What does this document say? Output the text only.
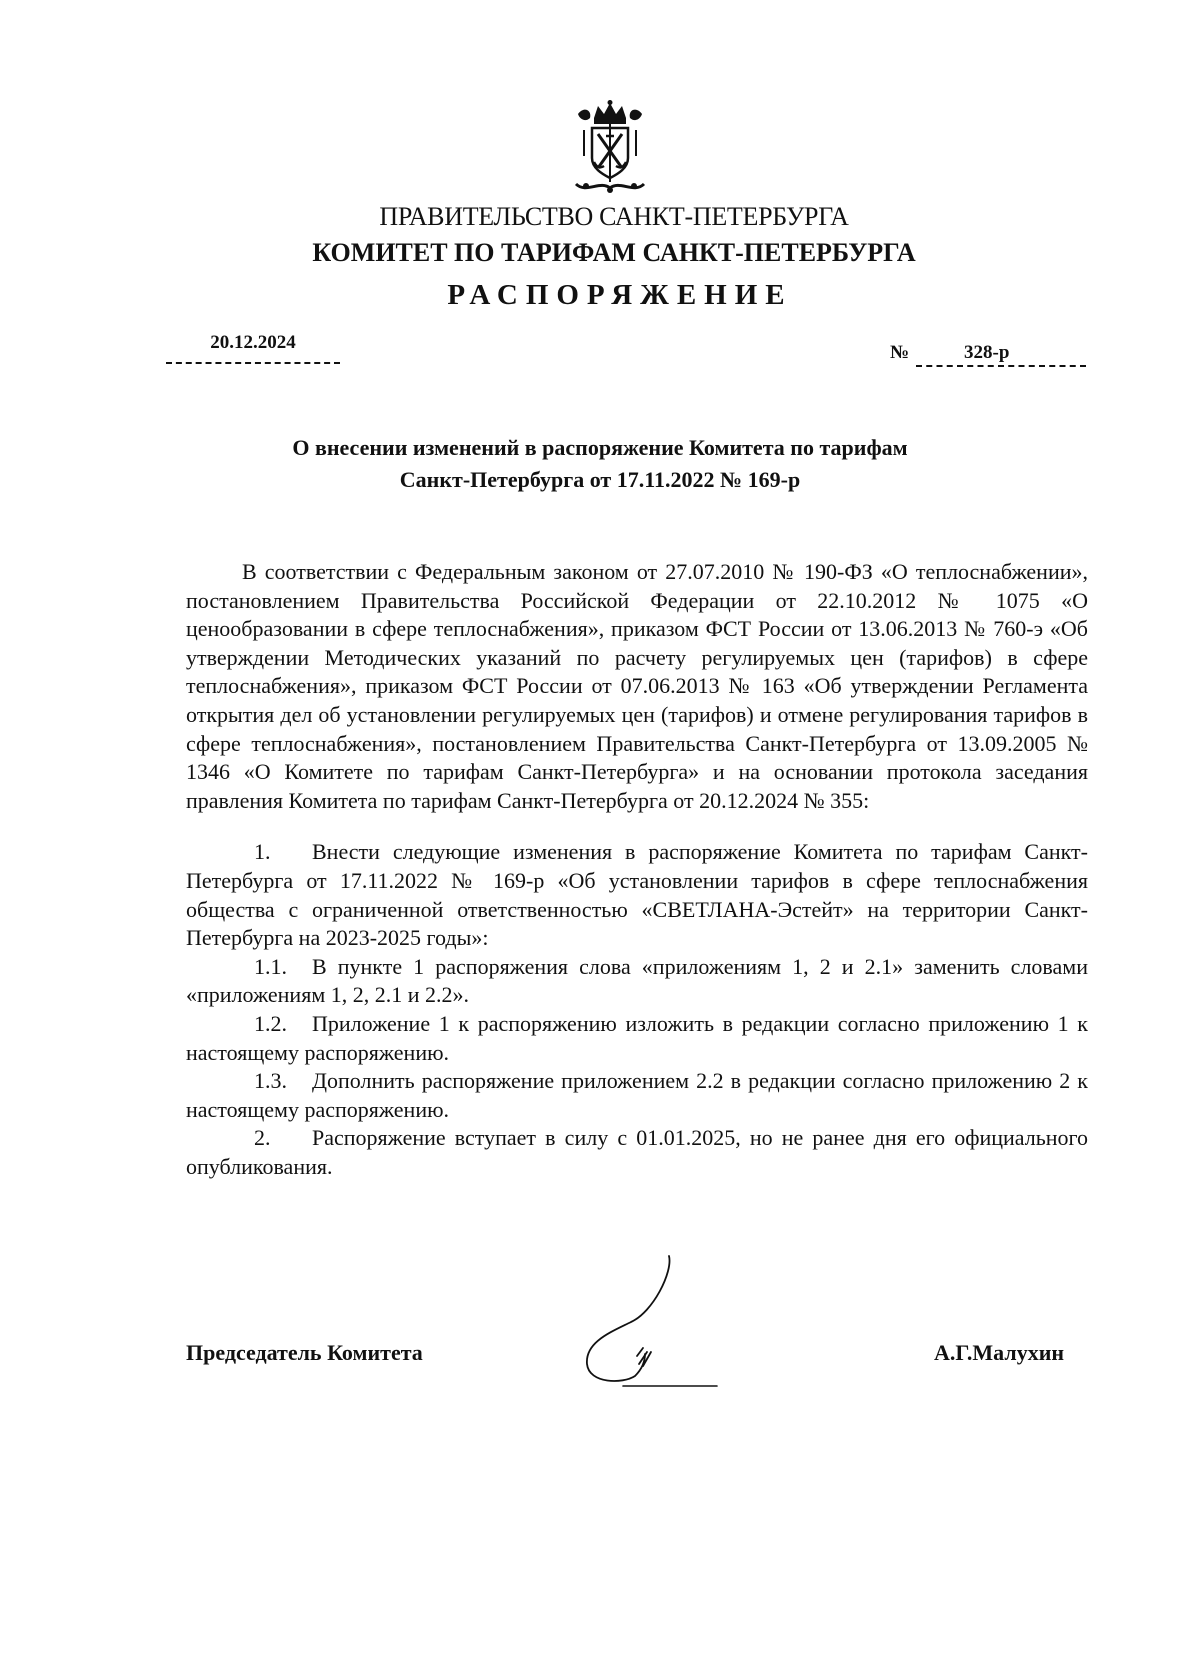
ПРАВИТЕЛЬСТВО САНКТ-ПЕТЕРБУРГА
КОМИТЕТ ПО ТАРИФАМ САНКТ-ПЕТЕРБУРГА
РАСПОРЯЖЕНИЕ
20.12.2024	№	328-р
О внесении изменений в распоряжение Комитета по тарифам
Санкт-Петербурга от 17.11.2022 № 169-р

В соответствии с Федеральным законом от 27.07.2010 № 190-ФЗ «О теплоснабжении», постановлением Правительства Российской Федерации от 22.10.2012 № 1075 «О ценообразовании в сфере теплоснабжения», приказом ФСТ России от 13.06.2013 № 760-э «Об утверждении Методических указаний по расчету регулируемых цен (тарифов) в сфере теплоснабжения», приказом ФСТ России от 07.06.2013 № 163 «Об утверждении Регламента открытия дел об установлении регулируемых цен (тарифов) и отмене регулирования тарифов в сфере теплоснабжения», постановлением Правительства Санкт-Петербурга от 13.09.2005 № 1346 «О Комитете по тарифам Санкт-Петербурга» и на основании протокола заседания правления Комитета по тарифам Санкт-Петербурга от 20.12.2024 № 355:

1. Внести следующие изменения в распоряжение Комитета по тарифам Санкт-Петербурга от 17.11.2022 № 169-р «Об установлении тарифов в сфере теплоснабжения общества с ограниченной ответственностью «СВЕТЛАНА-Эстейт» на территории Санкт-Петербурга на 2023-2025 годы»:

1.1. В пункте 1 распоряжения слова «приложениям 1, 2 и 2.1» заменить словами «приложениям 1, 2, 2.1 и 2.2».

1.2. Приложение 1 к распоряжению изложить в редакции согласно приложению 1 к настоящему распоряжению.

1.3. Дополнить распоряжение приложением 2.2 в редакции согласно приложению 2 к настоящему распоряжению.

2. Распоряжение вступает в силу с 01.01.2025, но не ранее дня его официального опубликования.

Председатель Комитета	А.Г.Малухин
